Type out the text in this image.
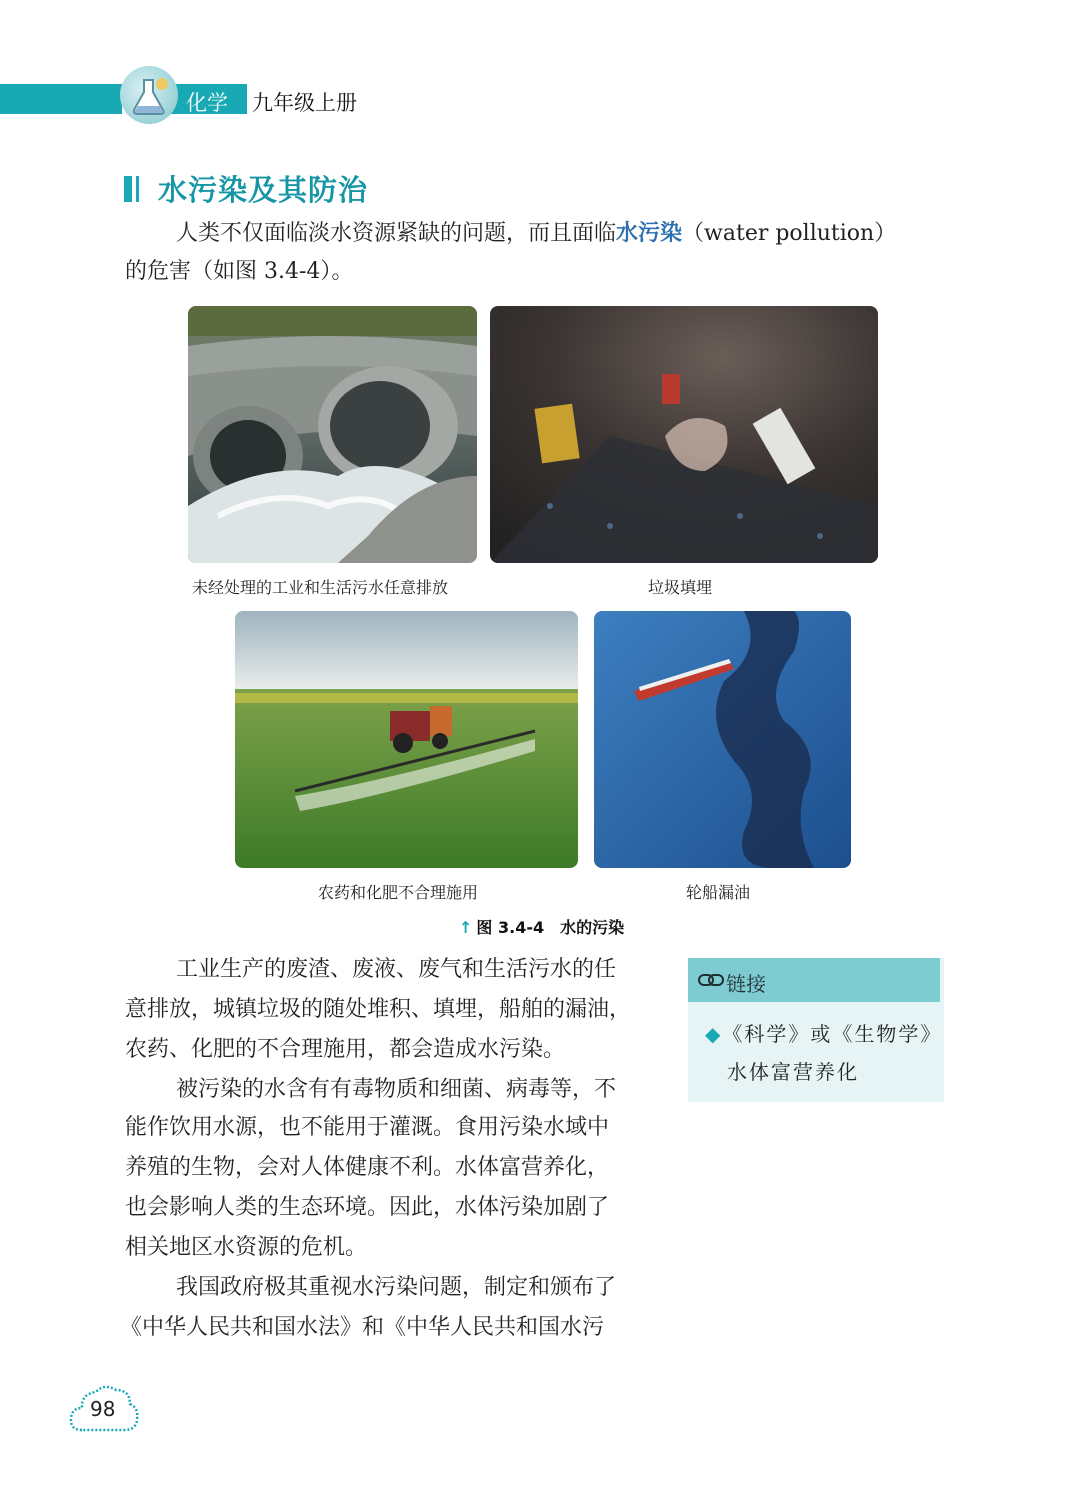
化学 九年级上册
水污染及其防治
人类不仅面临淡水资源紧缺的问题，而且面临水污染（water pollution）
的危害（如图 3.4-4）。
未经处理的工业和生活污水任意排放	垃圾填埋
农药和化肥不合理施用	轮船漏油
↑ 图 3.4-4　水的污染
工业生产的废渣、废液、废气和生活污水的任
意排放，城镇垃圾的随处堆积、填埋，船舶的漏油，
农药、化肥的不合理施用，都会造成水污染。
被污染的水含有有毒物质和细菌、病毒等，不
能作饮用水源，也不能用于灌溉。食用污染水域中
养殖的生物，会对人体健康不利。水体富营养化，
也会影响人类的生态环境。因此，水体污染加剧了
相关地区水资源的危机。
我国政府极其重视水污染问题，制定和颁布了
《中华人民共和国水法》和《中华人民共和国水污
链接
◆《科学》或《生物学》
水体富营养化
98
